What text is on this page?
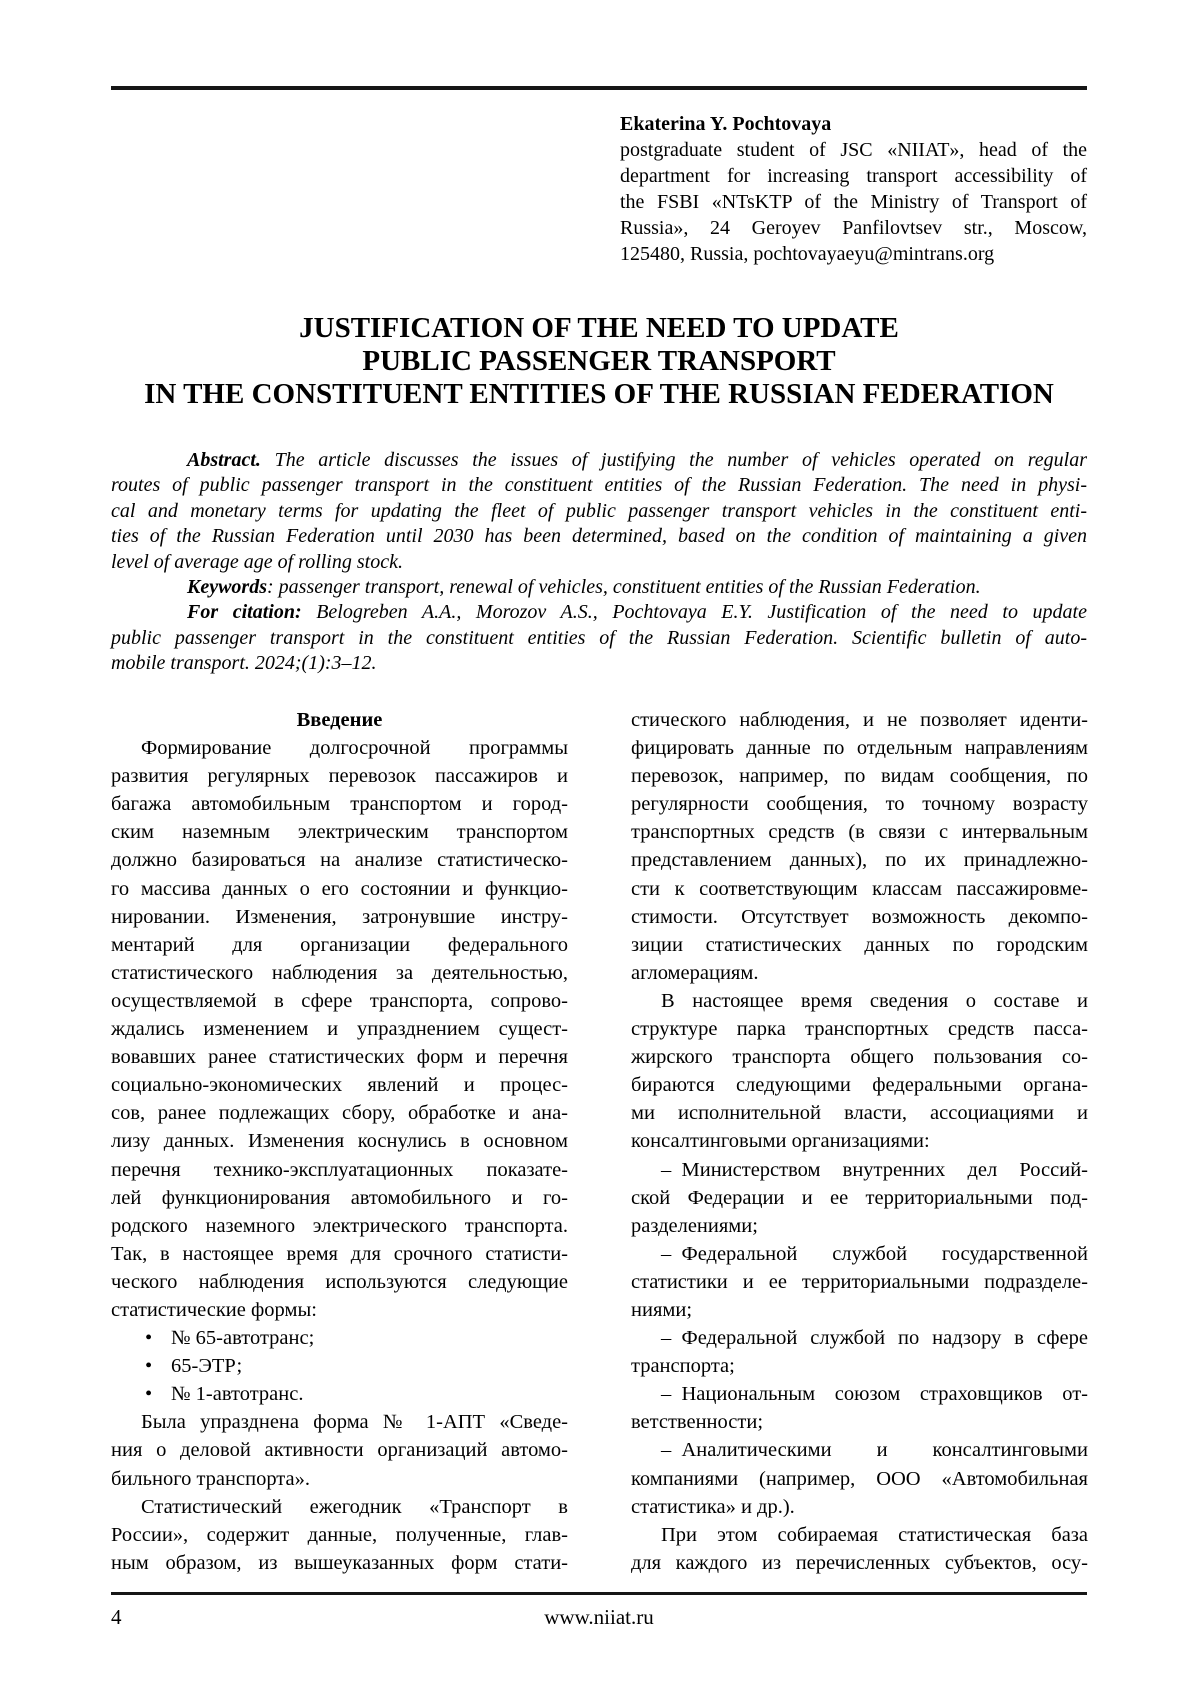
Ekaterina Y. Pochtovaya
postgraduate student of JSC «NIIAT», head of the
department for increasing transport accessibility of
the FSBI «NTsKTP of the Ministry of Transport of
Russia», 24 Geroyev Panfilovtsev str., Moscow,
125480, Russia, pochtovayaeyu@mintrans.org
JUSTIFICATION OF THE NEED TO UPDATE
PUBLIC PASSENGER TRANSPORT
IN THE CONSTITUENT ENTITIES OF THE RUSSIAN FEDERATION
Abstract. The article discusses the issues of justifying the number of vehicles operated on regular
routes of public passenger transport in the constituent entities of the Russian Federation. The need in physi-
cal and monetary terms for updating the fleet of public passenger transport vehicles in the constituent enti-
ties of the Russian Federation until 2030 has been determined, based on the condition of maintaining a given
level of average age of rolling stock.
Keywords: passenger transport, renewal of vehicles, constituent entities of the Russian Federation.
For citation: Belogreben A.A., Morozov A.S., Pochtovaya E.Y. Justification of the need to update
public passenger transport in the constituent entities of the Russian Federation. Scientific bulletin of auto-
mobile transport. 2024;(1):3–12.
Введение
Формирование долгосрочной программы
развития регулярных перевозок пассажиров и
багажа автомобильным транспортом и город-
ским наземным электрическим транспортом
должно базироваться на анализе статистическо-
го массива данных о его состоянии и функцио-
нировании. Изменения, затронувшие инстру-
ментарий для организации федерального
статистического наблюдения за деятельностью,
осуществляемой в сфере транспорта, сопрово-
ждались изменением и упразднением сущест-
вовавших ранее статистических форм и перечня
социально-экономических явлений и процес-
сов, ранее подлежащих сбору, обработке и ана-
лизу данных. Изменения коснулись в основном
перечня технико-эксплуатационных показате-
лей функционирования автомобильного и го-
родского наземного электрического транспорта.
Так, в настоящее время для срочного статисти-
ческого наблюдения используются следующие
статистические формы:
• № 65-автотранс;
• 65-ЭТР;
• № 1-автотранс.
Была упразднена форма № 1-АПТ «Сведе-
ния о деловой активности организаций автомо-
бильного транспорта».
Статистический ежегодник «Транспорт в
России», содержит данные, полученные, глав-
ным образом, из вышеуказанных форм стати-
стического наблюдения, и не позволяет иденти-
фицировать данные по отдельным направлениям
перевозок, например, по видам сообщения, по
регулярности сообщения, то точному возрасту
транспортных средств (в связи с интервальным
представлением данных), по их принадлежно-
сти к соответствующим классам пассажировме-
стимости. Отсутствует возможность декомпо-
зиции статистических данных по городским
агломерациям.
В настоящее время сведения о составе и
структуре парка транспортных средств пасса-
жирского транспорта общего пользования со-
бираются следующими федеральными органа-
ми исполнительной власти, ассоциациями и
консалтинговыми организациями:
– Министерством внутренних дел Россий-
ской Федерации и ее территориальными под-
разделениями;
– Федеральной службой государственной
статистики и ее территориальными подразделе-
ниями;
– Федеральной службой по надзору в сфере
транспорта;
– Национальным союзом страховщиков от-
ветственности;
– Аналитическими и консалтинговыми
компаниями (например, ООО «Автомобильная
статистика» и др.).
При этом собираемая статистическая база
для каждого из перечисленных субъектов, осу-
4	www.niiat.ru
